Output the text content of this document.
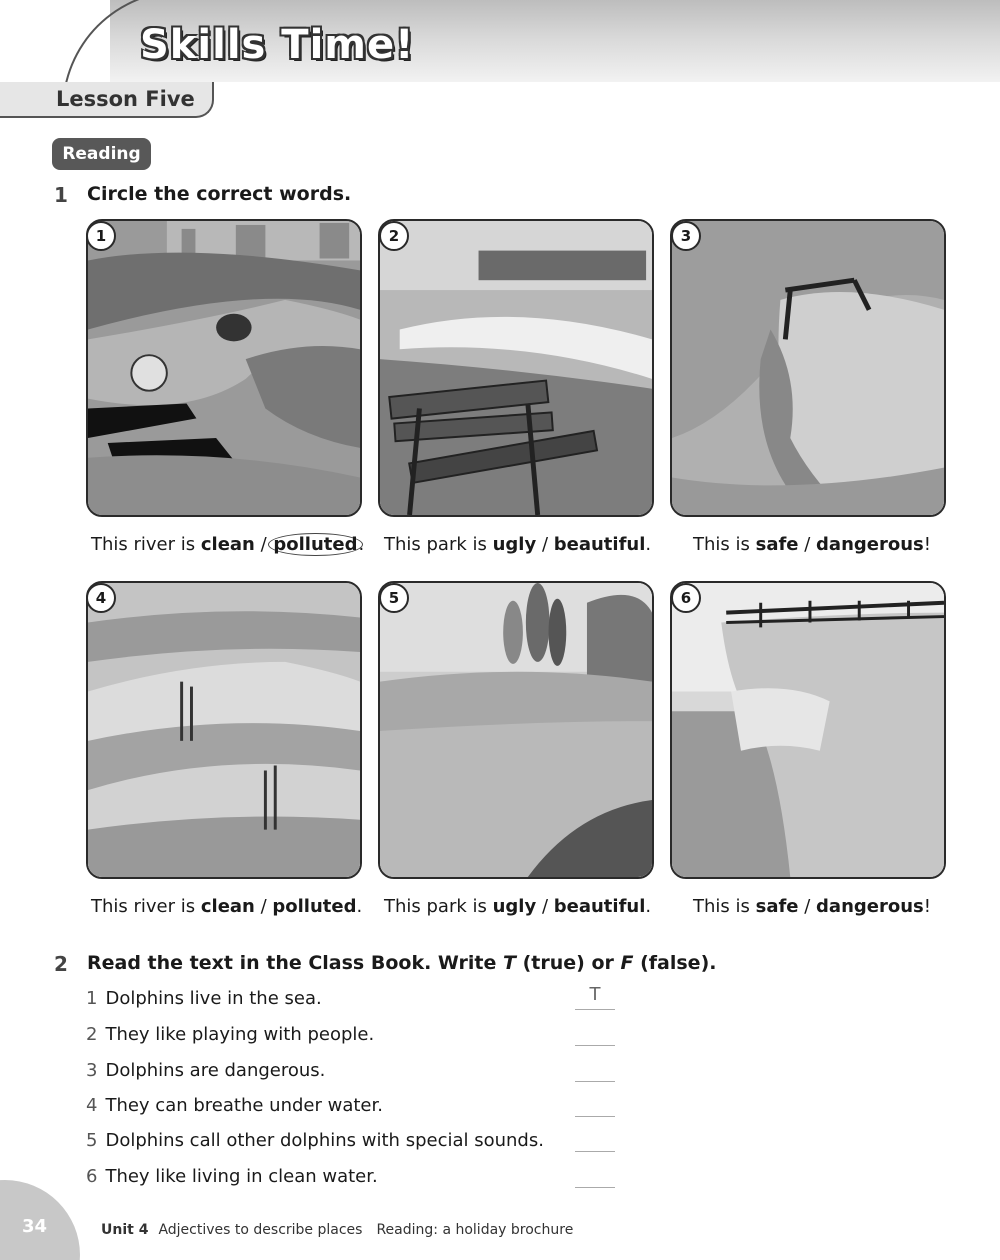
Skills Time!
Lesson Five
Reading
1 Circle the correct words.
1	2	3
This river is clean / polluted. This park is ugly / beautiful. This is safe / dangerous!
4	5	6
This river is clean / polluted. This park is ugly / beautiful. This is safe / dangerous!
2 Read the text in the Class Book. Write T (true) or F (false).
1 Dolphins live in the sea.	T
2 They like playing with people.
3 Dolphins are dangerous.
4 They can breathe under water.
5 Dolphins call other dolphins with special sounds.
6 They like living in clean water.
34	Unit 4 Adjectives to describe places Reading: a holiday brochure
